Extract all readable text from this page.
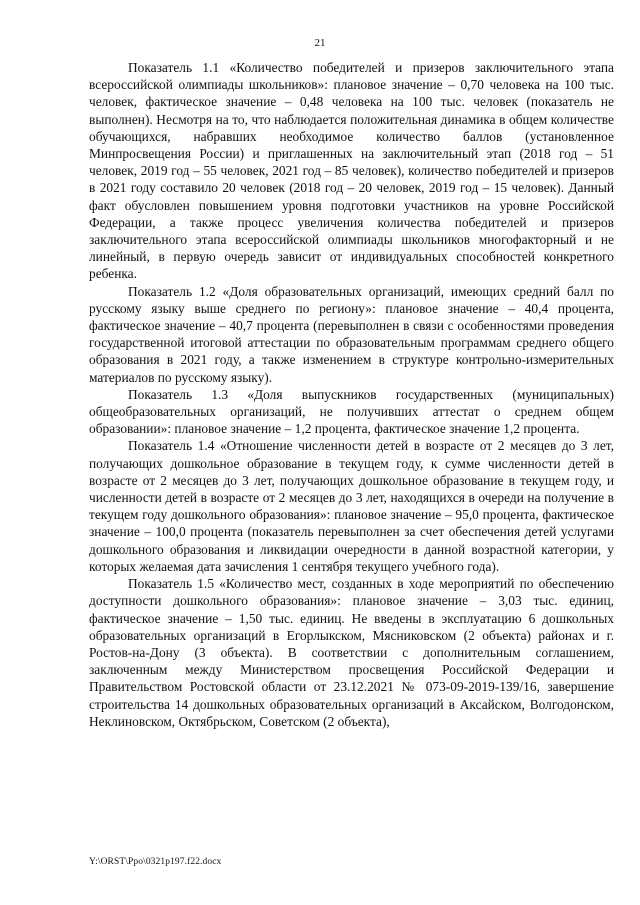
21

Показатель 1.1 «Количество победителей и призеров заключительного этапа всероссийской олимпиады школьников»: плановое значение – 0,70 человека на 100 тыс. человек, фактическое значение – 0,48 человека на 100 тыс. человек (показатель не выполнен). Несмотря на то, что наблюдается положительная динамика в общем количестве обучающихся, набравших необходимое количество баллов (установленное Минпросвещения России) и приглашенных на заключительный этап (2018 год – 51 человек, 2019 год – 55 человек, 2021 год – 85 человек), количество победителей и призеров в 2021 году составило 20 человек (2018 год – 20 человек, 2019 год – 15 человек). Данный факт обусловлен повышением уровня подготовки участников на уровне Российской Федерации, а также процесс увеличения количества победителей и призеров заключительного этапа всероссийской олимпиады школьников многофакторный и не линейный, в первую очередь зависит от индивидуальных способностей конкретного ребенка.

Показатель 1.2 «Доля образовательных организаций, имеющих средний балл по русскому языку выше среднего по региону»: плановое значение – 40,4 процента, фактическое значение – 40,7 процента (перевыполнен в связи с особенностями проведения государственной итоговой аттестации по образовательным программам среднего общего образования в 2021 году, а также изменением в структуре контрольно-измерительных материалов по русскому языку).

Показатель 1.3 «Доля выпускников государственных (муниципальных) общеобразовательных организаций, не получивших аттестат о среднем общем образовании»: плановое значение – 1,2 процента, фактическое значение 1,2 процента.

Показатель 1.4 «Отношение численности детей в возрасте от 2 месяцев до 3 лет, получающих дошкольное образование в текущем году, к сумме численности детей в возрасте от 2 месяцев до 3 лет, получающих дошкольное образование в текущем году, и численности детей в возрасте от 2 месяцев до 3 лет, находящихся в очереди на получение в текущем году дошкольного образования»: плановое значение – 95,0 процента, фактическое значение – 100,0 процента (показатель перевыполнен за счет обеспечения детей услугами дошкольного образования и ликвидации очередности в данной возрастной категории, у которых желаемая дата зачисления 1 сентября текущего учебного года).

Показатель 1.5 «Количество мест, созданных в ходе мероприятий по обеспечению доступности дошкольного образования»: плановое значение – 3,03 тыс. единиц, фактическое значение – 1,50 тыс. единиц. Не введены в эксплуатацию 6 дошкольных образовательных организаций в Егорлыкском, Мясниковском (2 объекта) районах и г. Ростов-на-Дону (3 объекта). В соответствии с дополнительным соглашением, заключенным между Министерством просвещения Российской Федерации и Правительством Ростовской области от 23.12.2021 № 073-09-2019-139/16, завершение строительства 14 дошкольных образовательных организаций в Аксайском, Волгодонском, Неклиновском, Октябрьском, Советском (2 объекта),

Y:\ORST\Ppo\0321p197.f22.docx
